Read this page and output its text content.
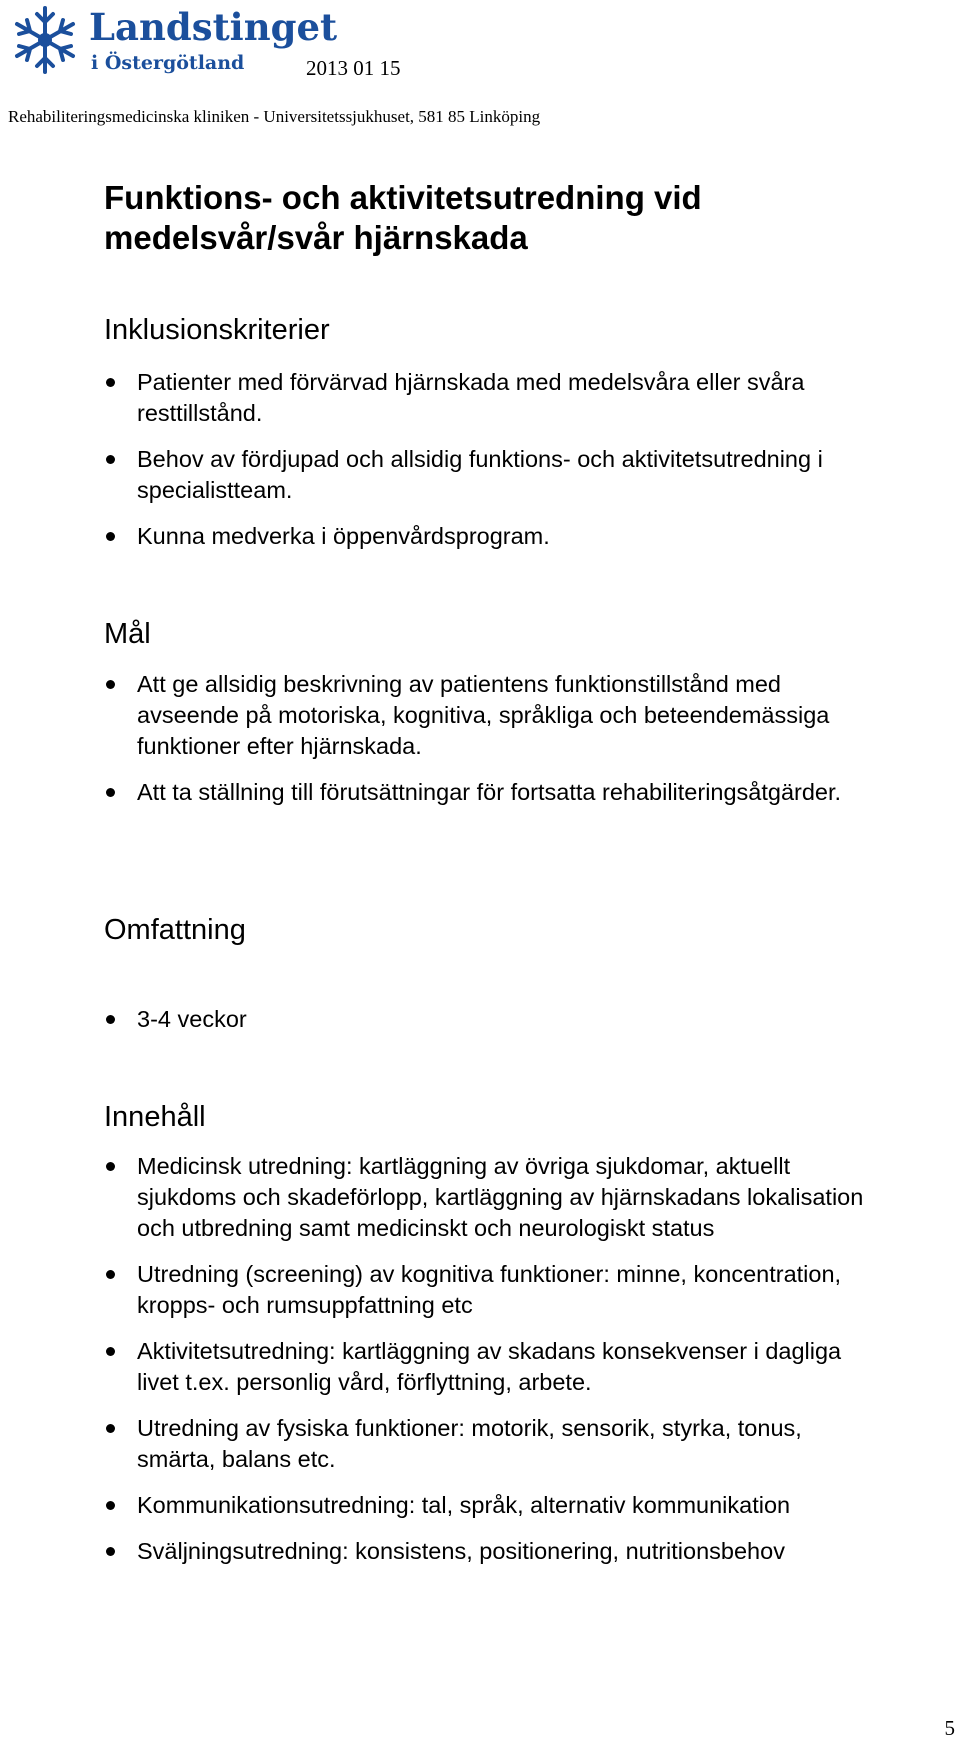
Landstinget
i Östergötland	2013 01 15
Rehabiliteringsmedicinska kliniken - Universitetssjukhuset, 581 85 Linköping
Funktions- och aktivitetsutredning vid medelsvår/svår hjärnskada
Inklusionskriterier
Patienter med förvärvad hjärnskada med medelsvåra eller svåra resttillstånd.
Behov av fördjupad och allsidig funktions- och aktivitetsutredning i specialistteam.
Kunna medverka i öppenvårdsprogram.
Mål
Att ge allsidig beskrivning av patientens funktionstillstånd med avseende på motoriska, kognitiva, språkliga och beteendemässiga funktioner efter hjärnskada.
Att ta ställning till förutsättningar för fortsatta rehabiliteringsåtgärder.
Omfattning
3-4 veckor
Innehåll
Medicinsk utredning: kartläggning av övriga sjukdomar, aktuellt sjukdoms och skadeförlopp, kartläggning av hjärnskadans lokalisation och utbredning samt medicinskt och neurologiskt status
Utredning (screening) av kognitiva funktioner: minne, koncentration, kropps- och rumsuppfattning etc
Aktivitetsutredning: kartläggning av skadans konsekvenser i dagliga livet t.ex. personlig vård, förflyttning, arbete.
Utredning av fysiska funktioner: motorik, sensorik, styrka, tonus, smärta, balans etc.
Kommunikationsutredning: tal, språk, alternativ kommunikation
Sväljningsutredning: konsistens, positionering, nutritionsbehov
5
